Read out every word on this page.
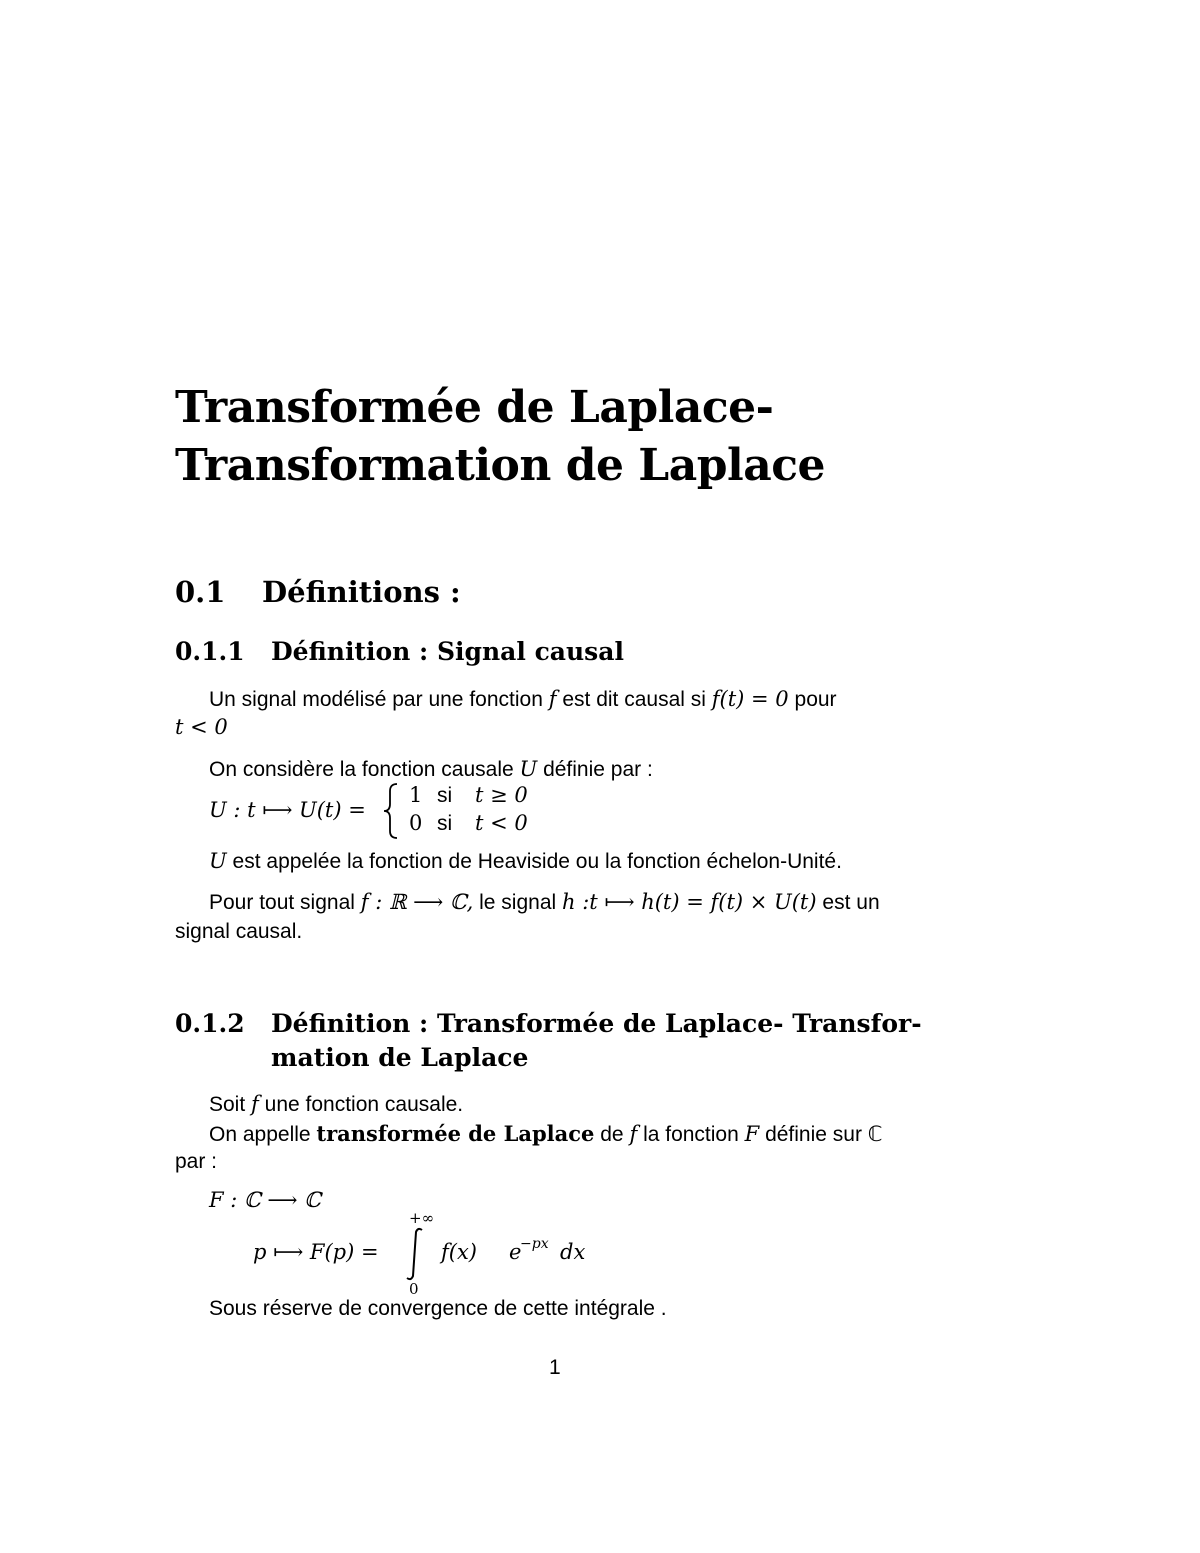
Transformée de Laplace-
Transformation de Laplace
0.1 Définitions :
0.1.1 Définition : Signal causal
Un signal modélisé par une fonction f est dit causal si f(t) = 0 pour
t < 0
On considère la fonction causale U définie par :
U : t ⟼ U(t) =
1 si t ≥ 0
0 si t < 0
U est appelée la fonction de Heaviside ou la fonction échelon-Unité.
Pour tout signal f : ℝ ⟶ ℂ, le signal h :t ⟼ h(t) = f(t) × U(t) est un
signal causal.
0.1.2 Définition : Transformée de Laplace- Transfor-
mation de Laplace
Soit f une fonction causale.
On appelle transformée de Laplace de f la fonction F définie sur ℂ
par :
F : ℂ ⟶ ℂ
+∞
p ⟼ F(p) =	f(x) e
−px dx
0
Sous réserve de convergence de cette intégrale .
1
